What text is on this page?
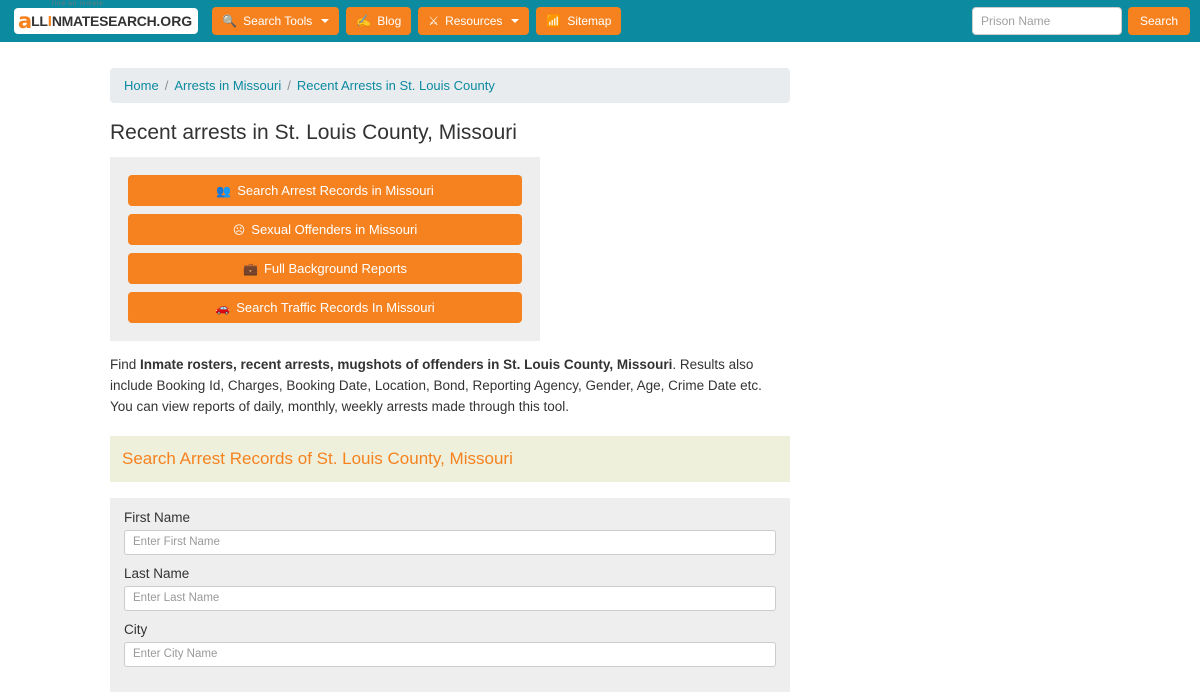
find an inmate
a LL I NMATESEARCH .ORG	🔍 Search Tools	✍ Blog ⚔ Resources	📶 Sitemap
Prison Name	Search
Home / Arrests in Missouri / Recent Arrests in St. Louis County
Recent arrests in St. Louis County, Missouri
👥 Search Arrest Records in Missouri
☹ Sexual Offenders in Missouri
💼 Full Background Reports
🚗 Search Traffic Records In Missouri

Find Inmate rosters, recent arrests, mugshots of offenders in St. Louis County, Missouri. Results also include Booking Id, Charges, Booking Date, Location, Bond, Reporting Agency, Gender, Age, Crime Date etc. You can view reports of daily, monthly, weekly arrests made through this tool.

Search Arrest Records of St. Louis County, Missouri
First Name
Enter First Name
Last Name
Enter Last Name
City
Enter City Name
